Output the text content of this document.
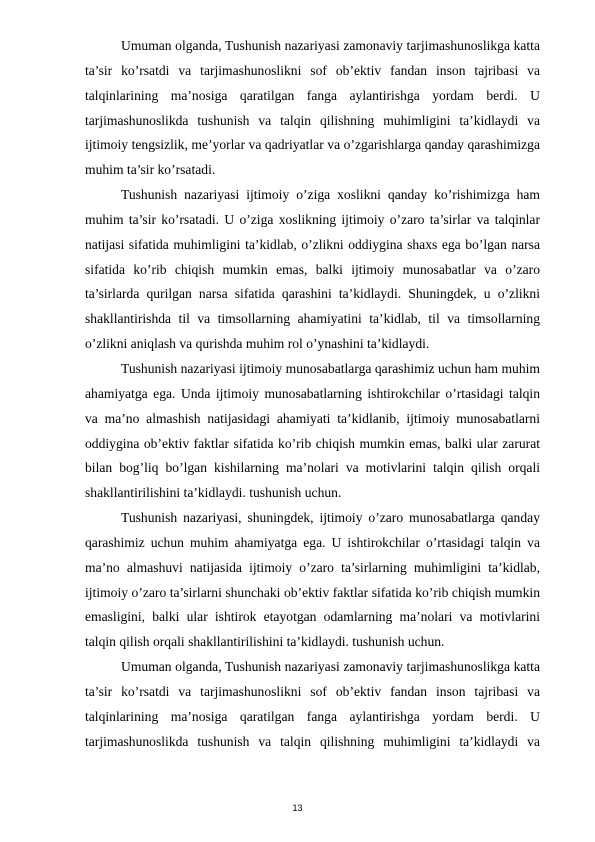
Umuman olganda, Tushunish nazariyasi zamonaviy tarjimashunoslikga katta ta’sir ko’rsatdi va tarjimashunoslikni sof ob’ektiv fandan inson tajribasi va talqinlarining ma’nosiga qaratilgan fanga aylantirishga yordam berdi. U tarjimashunoslikda tushunish va talqin qilishning muhimligini ta’kidlaydi va ijtimoiy tengsizlik, me’yorlar va qadriyatlar va o’zgarishlarga qanday qarashimizga muhim ta’sir ko’rsatadi.

Tushunish nazariyasi ijtimoiy o’ziga xoslikni qanday ko’rishimizga ham muhim ta’sir ko’rsatadi. U o’ziga xoslikning ijtimoiy o’zaro ta’sirlar va talqinlar natijasi sifatida muhimligini ta’kidlab, o’zlikni oddiygina shaxs ega bo’lgan narsa sifatida ko’rib chiqish mumkin emas, balki ijtimoiy munosabatlar va o’zaro ta’sirlarda qurilgan narsa sifatida qarashini ta’kidlaydi. Shuningdek, u o’zlikni shakllantirishda til va timsollarning ahamiyatini ta’kidlab, til va timsollarning o’zlikni aniqlash va qurishda muhim rol o’ynashini ta’kidlaydi.

Tushunish nazariyasi ijtimoiy munosabatlarga qarashimiz uchun ham muhim ahamiyatga ega. Unda ijtimoiy munosabatlarning ishtirokchilar o’rtasidagi talqin va ma’no almashish natijasidagi ahamiyati ta’kidlanib, ijtimoiy munosabatlarni oddiygina ob’ektiv faktlar sifatida ko’rib chiqish mumkin emas, balki ular zarurat bilan bog’liq bo’lgan kishilarning ma’nolari va motivlarini talqin qilish orqali shakllantirilishini ta’kidlaydi. tushunish uchun.

Tushunish nazariyasi, shuningdek, ijtimoiy o’zaro munosabatlarga qanday qarashimiz uchun muhim ahamiyatga ega. U ishtirokchilar o’rtasidagi talqin va ma’no almashuvi natijasida ijtimoiy o’zaro ta’sirlarning muhimligini ta’kidlab, ijtimoiy o’zaro ta’sirlarni shunchaki ob’ektiv faktlar sifatida ko’rib chiqish mumkin emasligini, balki ular ishtirok etayotgan odamlarning ma’nolari va motivlarini talqin qilish orqali shakllantirilishini ta’kidlaydi. tushunish uchun.

Umuman olganda, Tushunish nazariyasi zamonaviy tarjimashunoslikga katta ta’sir ko’rsatdi va tarjimashunoslikni sof ob’ektiv fandan inson tajribasi va talqinlarining ma’nosiga qaratilgan fanga aylantirishga yordam berdi. U tarjimashunoslikda tushunish va talqin qilishning muhimligini ta’kidlaydi va

13
